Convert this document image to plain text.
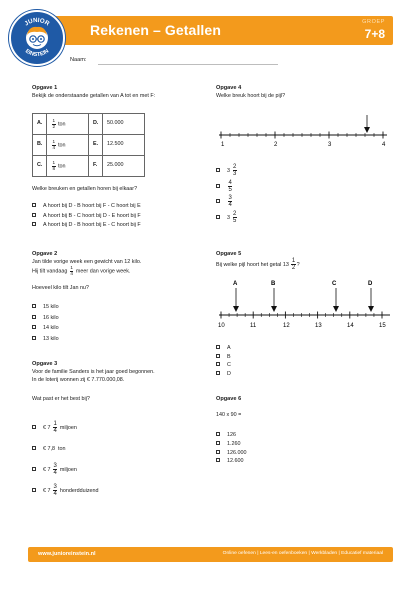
Rekenen – Getallen	GROEP
7+8
JUNIOR
EINSTEIN
Naam:
Opgave 1
Bekijk de onderstaande getallen van A tot en met F:
A.	$\frac{1}{2}$ ton	D.	50.000
B.	$\frac{1}{4}$ ton	E.	12.500
C.	$\frac{1}{8}$ ton	F.	25.000
Welke breuken en getallen horen bij elkaar?
A hoort bij D - B hoort bij F - C hoort bij E
A hoort bij B - C hoort bij D - E hoort bij F
A hoort bij D - B hoort bij E - C hoort bij F
Opgave 2
Jan tilde vorige week een gewicht van 12 kilo.
Hij tilt vandaag $\frac{1}{4}$ meer dan vorige week.
Hoeveel kilo tilt Jan nu?
15 kilo
16 kilo
14 kilo
13 kilo
Opgave 3
Voor de familie Sanders is het jaar goed begonnen.
In de loterij wonnen zij € 7.770.000,08.
Wat past er het best bij?
€ $7 \frac{1}{4}$ miljoen
€ 7,8 ton
€ $7 \frac{3}{4}$ miljoen
€ $7 \frac{3}{4}$ honderdduizend
Opgave 4
Welke breuk hoort bij de pijl?
1	2	3	4
$3 \frac{2}{3}$
$\frac{4}{5}$
$\frac{3}{4}$
$3 \frac{2}{5}$
Opgave 5
Bij welke pijl hoort het getal $13 \frac{1}{2}$ ?
A	B	C	D
10	11	12	13	14	15
A
B
C
D
Opgave 6
140 x 90 =
126
1.260
126.000
12.600
www.junioreinstein.nl	Online oefenen | Lees-en oefenboeken | Werkbladen | Educatief materiaal
